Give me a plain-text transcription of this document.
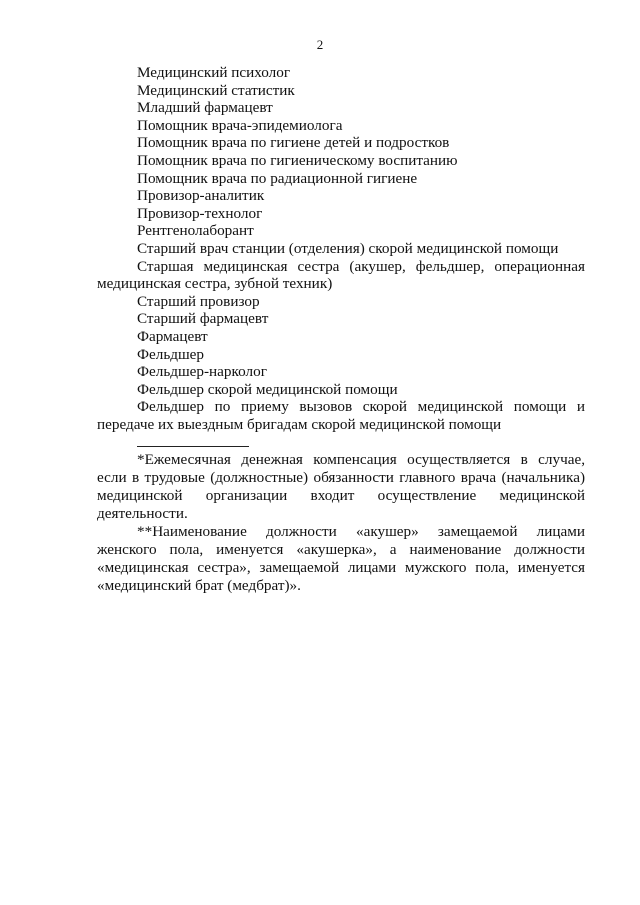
2
Медицинский психолог
Медицинский статистик
Младший фармацевт
Помощник врача-эпидемиолога
Помощник врача по гигиене детей и подростков
Помощник врача по гигиеническому воспитанию
Помощник врача по радиационной гигиене
Провизор-аналитик
Провизор-технолог
Рентгенолаборант
Старший врач станции (отделения) скорой медицинской помощи
Старшая медицинская сестра (акушер, фельдшер, операционная медицинская сестра, зубной техник)
Старший провизор
Старший фармацевт
Фармацевт
Фельдшер
Фельдшер-нарколог
Фельдшер скорой медицинской помощи
Фельдшер по приему вызовов скорой медицинской помощи и передаче их выездным бригадам скорой медицинской помощи

*Ежемесячная денежная компенсация осуществляется в случае, если в трудовые (должностные) обязанности главного врача (начальника) медицинской организации входит осуществление медицинской деятельности.

**Наименование должности «акушер» замещаемой лицами женского пола, именуется «акушерка», а наименование должности «медицинская сестра», замещаемой лицами мужского пола, именуется «медицинский брат (медбрат)».
